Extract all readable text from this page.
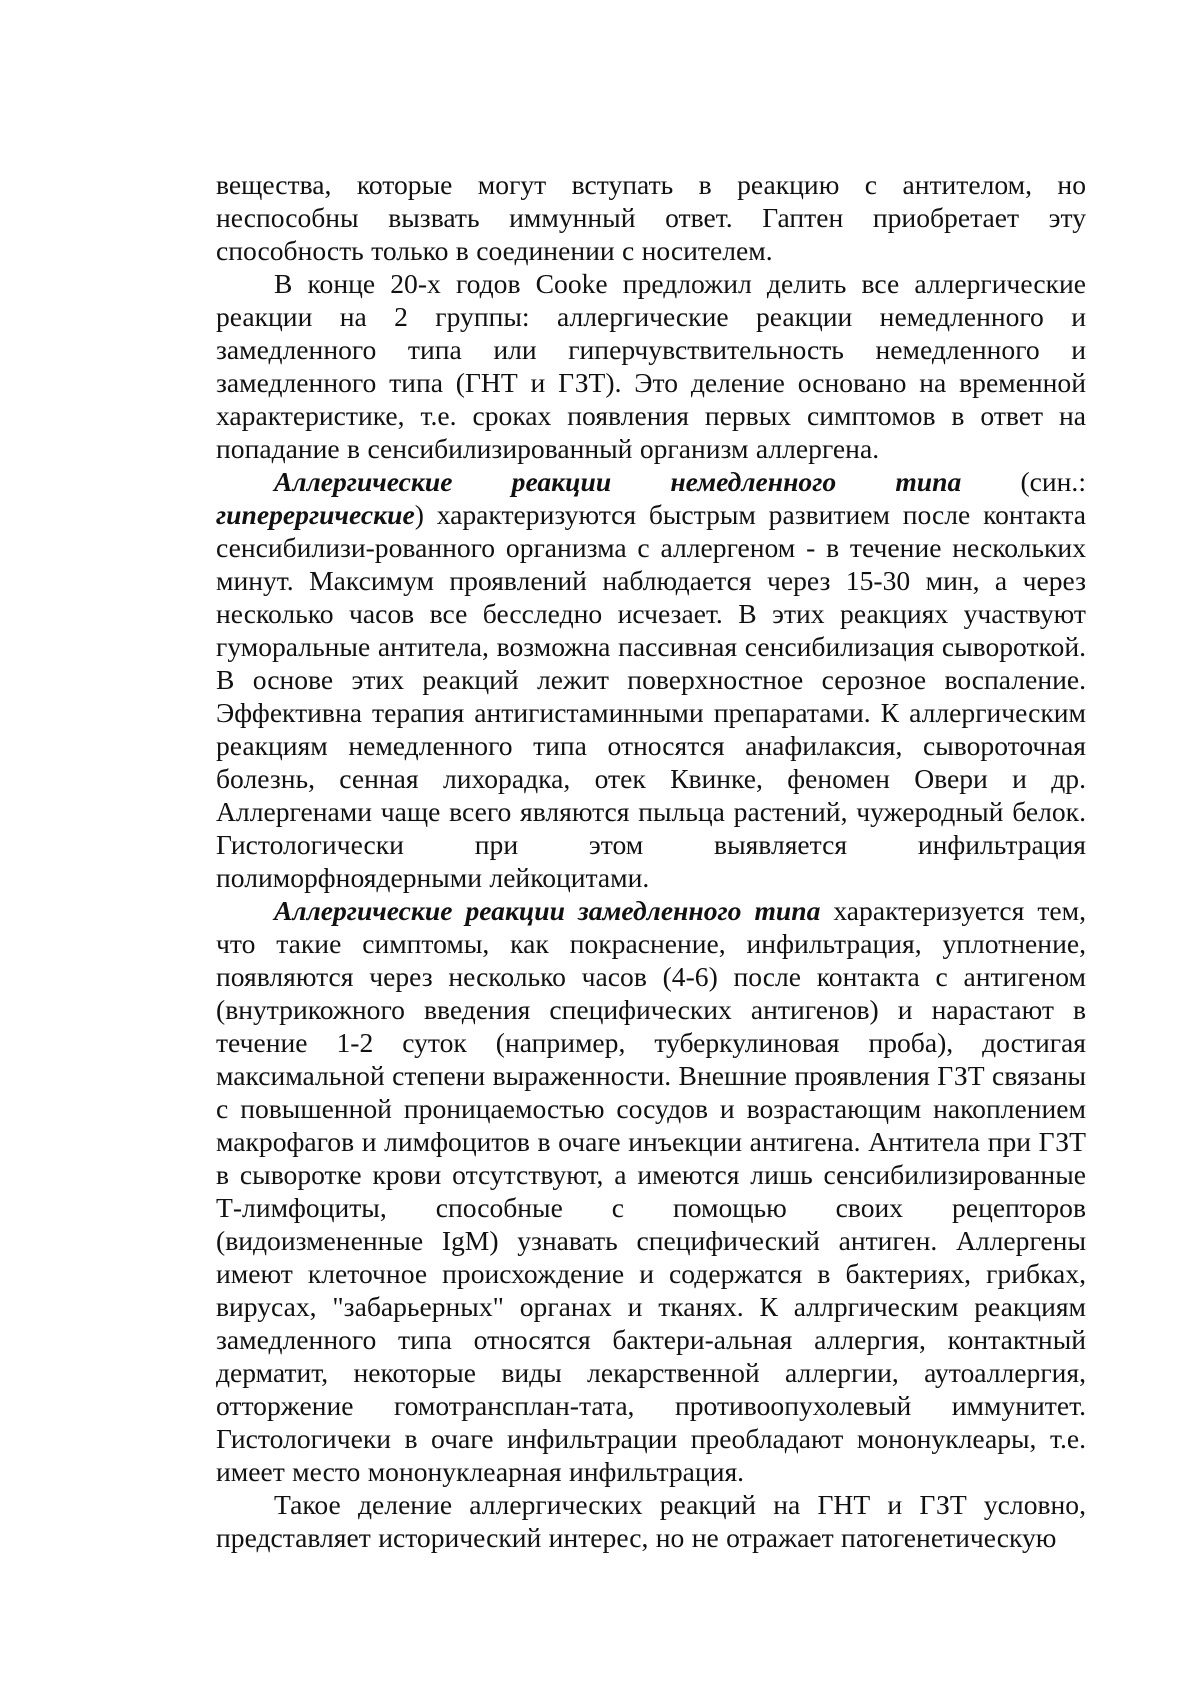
вещества, которые могут вступать в реакцию с антителом, но неспособны вызвать иммунный ответ. Гаптен приобретает эту способность только в соединении с носителем.

В конце 20-х годов Cooke предложил делить все аллергические реакции на 2 группы: аллергические реакции немедленного и замедленного типа или гиперчувствительность немедленного и замедленного типа (ГНТ и ГЗТ). Это деление основано на временной характеристике, т.е. сроках появления первых симптомов в ответ на попадание в сенсибилизированный организм аллергена.

Аллергические реакции немедленного типа (син.: гиперергические) характеризуются быстрым развитием после контакта сенсибилизи-рованного организма с аллергеном - в течение нескольких минут. Максимум проявлений наблюдается через 15-30 мин, а через несколько часов все бесследно исчезает. В этих реакциях участвуют гуморальные антитела, возможна пассивная сенсибилизация сывороткой. В основе этих реакций лежит поверхностное серозное воспаление. Эффективна терапия антигистаминными препаратами. К аллергическим реакциям немедленного типа относятся анафилаксия, сывороточная болезнь, сенная лихорадка, отек Квинке, феномен Овери и др. Аллергенами чаще всего являются пыльца растений, чужеродный белок. Гистологически при этом выявляется инфильтрация полиморфноядерными лейкоцитами.

Аллергические реакции замедленного типа характеризуется тем, что такие симптомы, как покраснение, инфильтрация, уплотнение, появляются через несколько часов (4-6) после контакта с антигеном (внутрикожного введения специфических антигенов) и нарастают в течение 1-2 суток (например, туберкулиновая проба), достигая максимальной степени выраженности. Внешние проявления ГЗТ связаны с повышенной проницаемостью сосудов и возрастающим накоплением макрофагов и лимфоцитов в очаге инъекции антигена. Антитела при ГЗТ в сыворотке крови отсутствуют, а имеются лишь сенсибилизированные Т-лимфоциты, способные с помощью своих рецепторов (видоизмененные IgM) узнавать специфический антиген. Аллергены имеют клеточное происхождение и содержатся в бактериях, грибках, вирусах, "забарьерных" органах и тканях. К аллргическим реакциям замедленного типа относятся бактери-альная аллергия, контактный дерматит, некоторые виды лекарственной аллергии, аутоаллергия, отторжение гомотрансплан-тата, противоопухолевый иммунитет. Гистологичеки в очаге инфильтрации преобладают мононуклеары, т.е. имеет место мононуклеарная инфильтрация.

Такое деление аллергических реакций на ГНТ и ГЗТ условно, представляет исторический интерес, но не отражает патогенетическую
